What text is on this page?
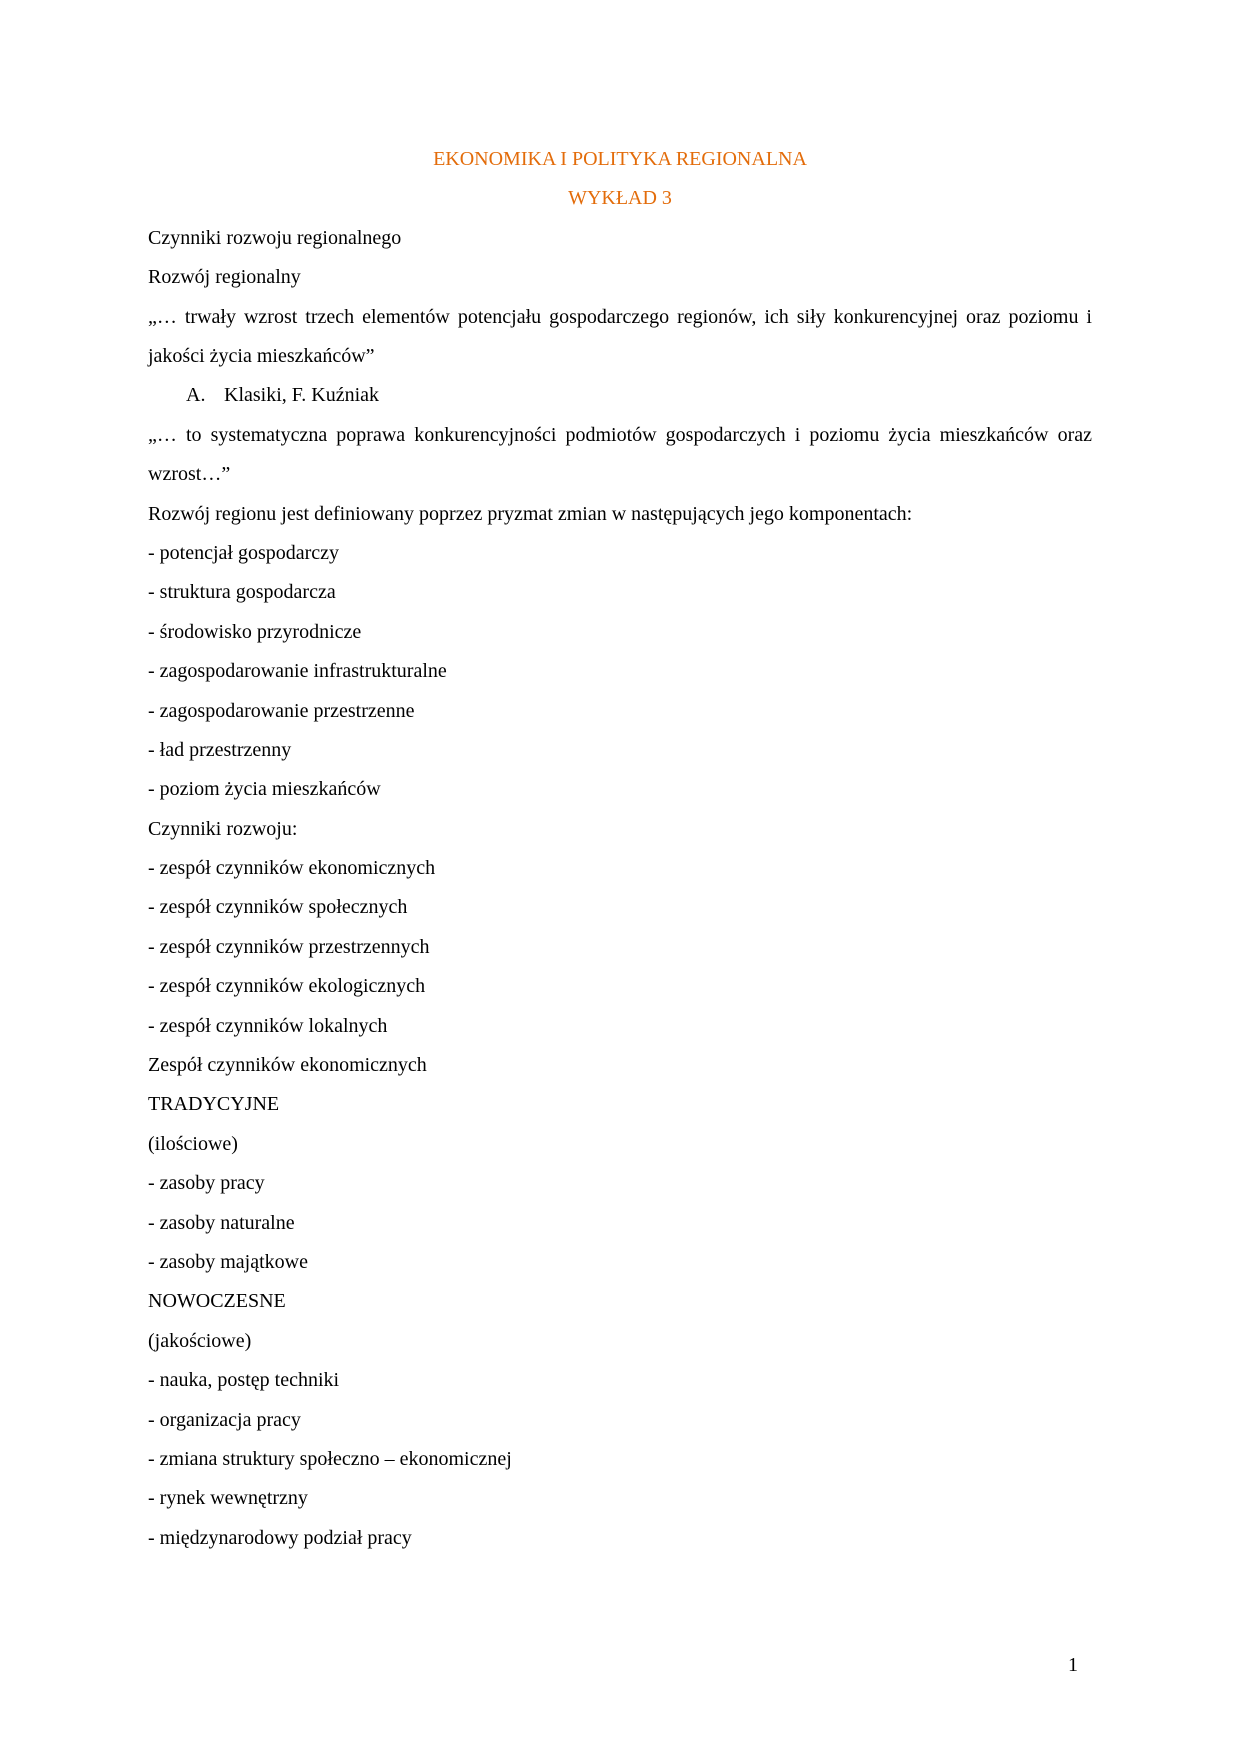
EKONOMIKA I POLITYKA REGIONALNA
WYKŁAD 3
Czynniki rozwoju regionalnego
Rozwój regionalny
„… trwały wzrost trzech elementów potencjału gospodarczego regionów, ich siły konkurencyjnej oraz poziomu i jakości życia mieszkańców”
A. Klasiki, F. Kuźniak
„… to systematyczna poprawa konkurencyjności podmiotów gospodarczych i poziomu życia mieszkańców oraz wzrost…”
Rozwój regionu jest definiowany poprzez pryzmat zmian w następujących jego komponentach:
- potencjał gospodarczy
- struktura gospodarcza
- środowisko przyrodnicze
- zagospodarowanie infrastrukturalne
- zagospodarowanie przestrzenne
- ład przestrzenny
- poziom życia mieszkańców
Czynniki rozwoju:
- zespół czynników ekonomicznych
- zespół czynników społecznych
- zespół czynników przestrzennych
- zespół czynników ekologicznych
- zespół czynników lokalnych
Zespół czynników ekonomicznych
TRADYCYJNE
(ilościowe)
- zasoby pracy
- zasoby naturalne
- zasoby majątkowe
NOWOCZESNE
(jakościowe)
- nauka, postęp techniki
- organizacja pracy
- zmiana struktury społeczno – ekonomicznej
- rynek wewnętrzny
- międzynarodowy podział pracy
1
